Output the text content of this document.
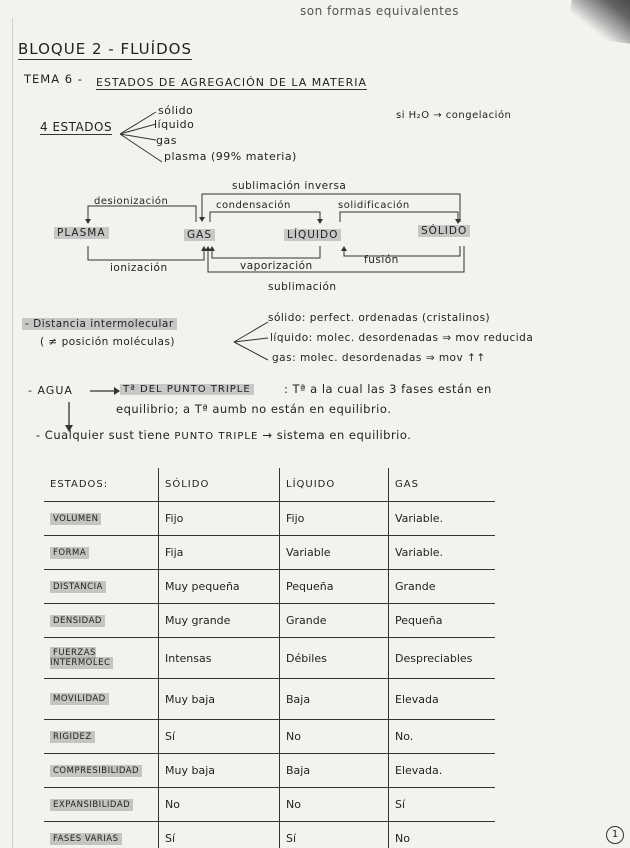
son formas equivalentes
BLOQUE 2 - FLUÍDOS
TEMA 6 - ESTADOS DE AGREGACIÓN DE LA MATERIA
4 ESTADOS
sólido
líquido
gas
plasma (99% materia)
si H₂O → congelación
sublimación inversa
desionización	condensación	solidificación
PLASMA	GAS	LÍQUIDO	SÓLIDO
ionización	vaporización	fusión
sublimación
- Distancia intermolecular
( ≠ posición moléculas)
sólido: perfect. ordenadas (cristalinos)
líquido: molec. desordenadas ⇒ mov reducida
gas: molec. desordenadas ⇒ mov ↑↑
- AGUA	Tª DEL PUNTO TRIPLE	: Tª a la cual las 3 fases están en
equilibrio; a Tª aumb no están en equilibrio.
- Cualquier sust tiene PUNTO TRIPLE → sistema en equilibrio.
ESTADOS:	SÓLIDO	LÍQUIDO	GAS
VOLUMEN	Fijo	Fijo	Variable.
FORMA	Fija	Variable	Variable.
DISTANCIA	Muy pequeña	Pequeña	Grande
DENSIDAD	Muy grande	Grande	Pequeña
FUERZAS INTERMOLEC	Intensas	Débiles	Despreciables
MOVILIDAD	Muy baja	Baja	Elevada
RIGIDEZ	Sí	No	No.
COMPRESIBILIDAD	Muy baja	Baja	Elevada.
EXPANSIBILIDAD	No	No	Sí
FASES VARIAS	Sí	Sí	No	1
